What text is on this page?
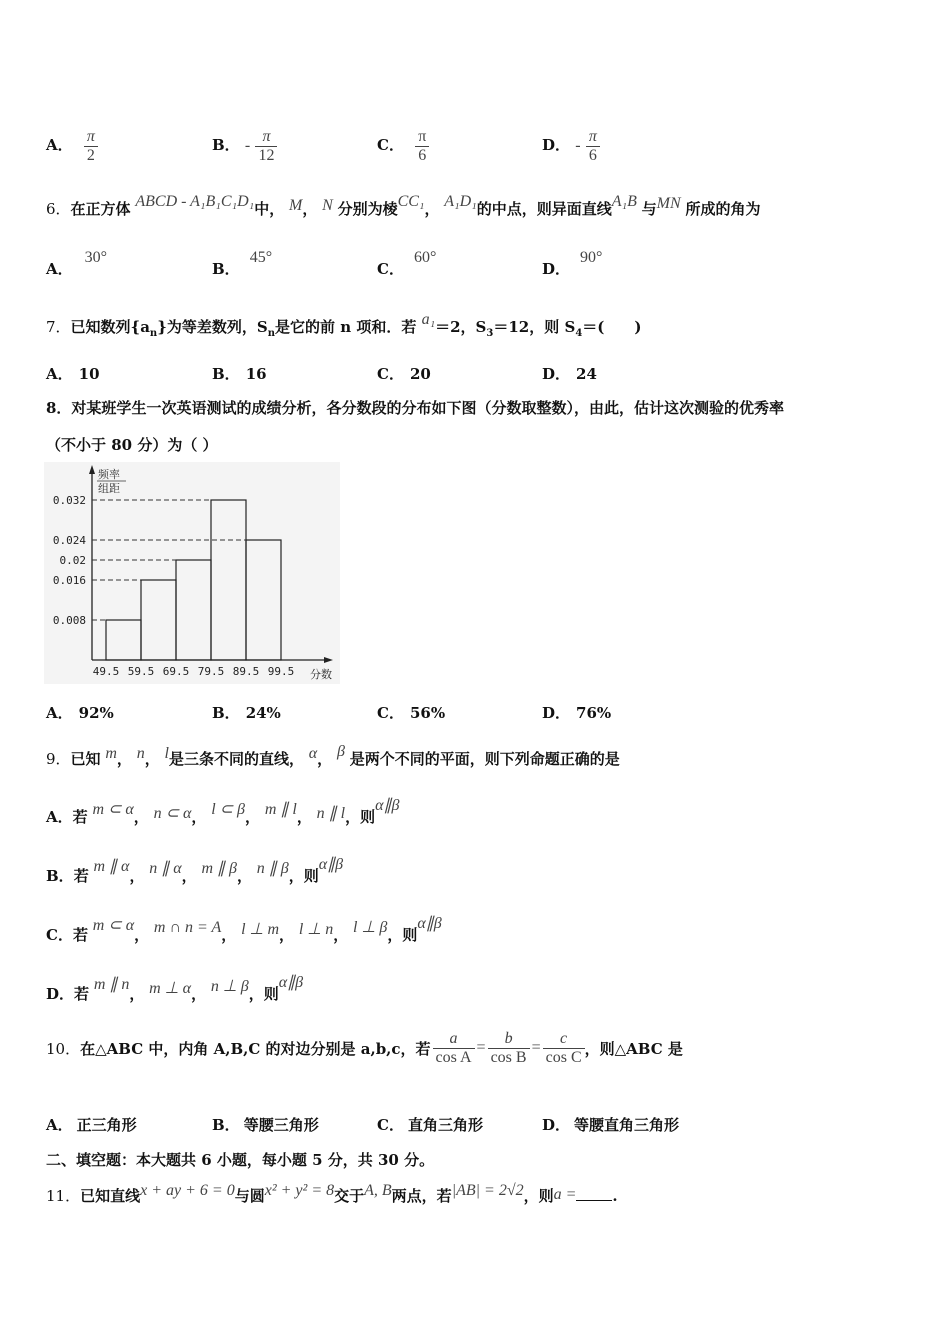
A． $\frac{\pi}{2}$	B． - $\frac{\pi}{12}$	C． $\frac{\pi}{6}$	D． - $\frac{\pi}{6}$
6．在正方体 ABCD - A₁B₁C₁D₁中， M， N 分别为棱CC₁， A₁D₁的中点，则异面直线A₁B 与MN 所成的角为
A．30°
B．45°
C．60°
D．90°
7．已知数列$\{a_n\}$为等差数列，$S_n$是它的前 n 项和．若 a₁＝2，$S_3=12$，则 $S_4=$(　　)
A． 10	B． 16	C． 20	D． 24
8．对某班学生一次英语测试的成绩分析，各分数段的分布如下图（分数取整数），由此，估计这次测验的优秀率
（不小于 80 分）为（ ）
频率
组距
0.032
0.024
0.02
0.016
0.008
49.5 59.5 69.5 79.5 89.5 99.5 分数
A． 92%	B． 24%	C． 56%	D． 76%
9．已知 m， n， l是三条不同的直线， α， β 是两个不同的平面，则下列命题正确的是
A．若 m ⊂ α， n ⊂ α， l ⊂ β， m ∥ l， n ∥ l，则α∥β
B．若 m ∥ α， n ∥ α， m ∥ β， n ∥ β，则α∥β
C．若 m ⊂ α， m ∩ n = A， l ⊥ m， l ⊥ n， l ⊥ β，则α∥β
D．若 m ∥ n， m ⊥ α， n ⊥ β，则α∥β
10． 在△ABC 中，内角 A,B,C 的对边分别是 a,b,c，若 $\frac{a}{\text{cos A}} = \frac{b}{\text{cos B}} = \frac{c}{\text{cos C}}$ ，则△ABC 是
A． 正三角形	B． 等腰三角形	C． 直角三角形	D． 等腰直角三角形
二、填空题：本大题共 6 小题，每小题 5 分，共 30 分。
11．已知直线x + ay + 6 = 0与圆x² + y² = 8交于A, B两点，若|AB| = 2√2，则a = .
